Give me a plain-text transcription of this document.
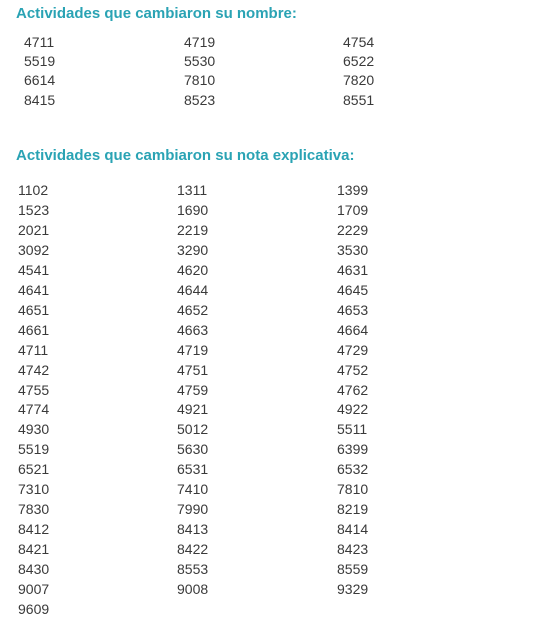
Actividades que cambiaron su nombre:
4711	4719	4754
5519	5530	6522
6614	7810	7820
8415	8523	8551
Actividades que cambiaron su nota explicativa:
1102	1311	1399
1523	1690	1709
2021	2219	2229
3092	3290	3530
4541	4620	4631
4641	4644	4645
4651	4652	4653
4661	4663	4664
4711	4719	4729
4742	4751	4752
4755	4759	4762
4774	4921	4922
4930	5012	5511
5519	5630	6399
6521	6531	6532
7310	7410	7810
7830	7990	8219
8412	8413	8414
8421	8422	8423
8430	8553	8559
9007	9008	9329
9609
